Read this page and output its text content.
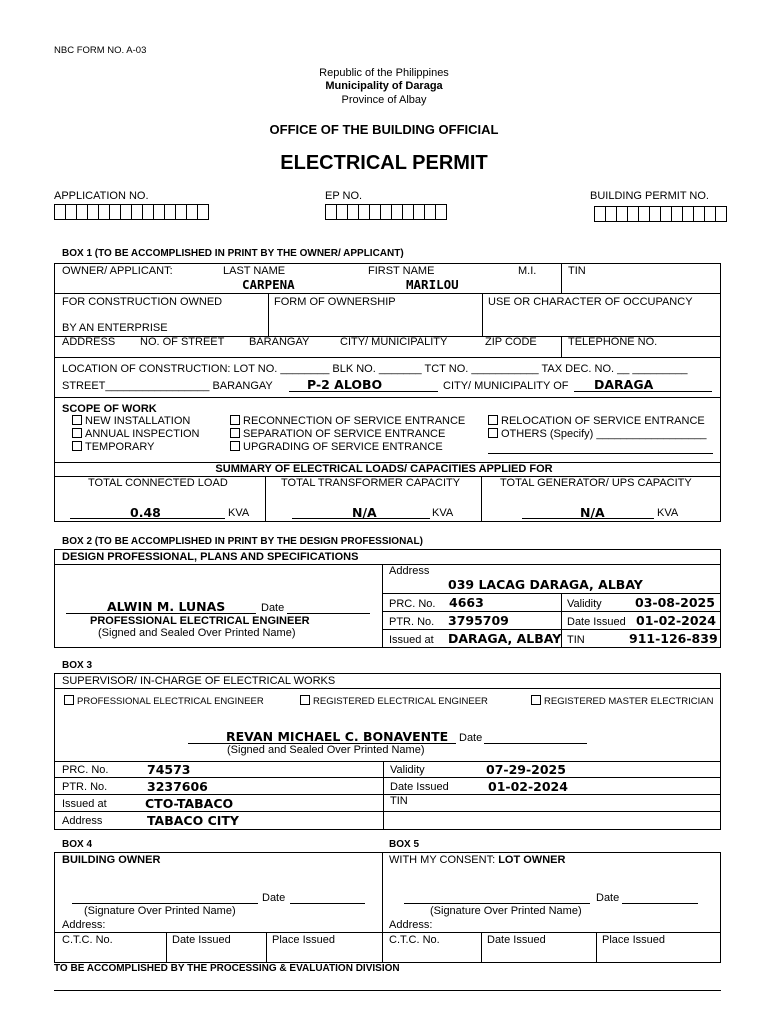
NBC FORM NO. A-03
Republic of the Philippines
Municipality of Daraga
Province of Albay
OFFICE OF THE BUILDING OFFICIAL
ELECTRICAL PERMIT
APPLICATION NO.	EP NO.	BUILDING PERMIT NO.
BOX 1 (TO BE ACCOMPLISHED IN PRINT BY THE OWNER/ APPLICANT)
OWNER/ APPLICANT:	LAST NAME	FIRST NAME	M.I.	TIN
CARPENA	MARILOU
FOR CONSTRUCTION OWNED
BY AN ENTERPRISE
FORM OF OWNERSHIP	USE OR CHARACTER OF OCCUPANCY
ADDRESS NO. OF STREET BARANGAY	CITY/ MUNICIPALITY	ZIP CODE	TELEPHONE NO.
LOCATION OF CONSTRUCTION: LOT NO. ________ BLK NO. _______ TCT NO. ___________ TAX DEC. NO. __ _________
STREET_________________ BARANGAY	P-2 ALOBO	CITY/ MUNICIPALITY OF DARAGA
SCOPE OF WORK
NEW INSTALLATION
ANNUAL INSPECTION
TEMPORARY
RECONNECTION OF SERVICE ENTRANCE
SEPARATION OF SERVICE ENTRANCE
UPGRADING OF SERVICE ENTRANCE
RELOCATION OF SERVICE ENTRANCE
OTHERS (Specify) __________________
SUMMARY OF ELECTRICAL LOADS/ CAPACITIES APPLIED FOR
TOTAL CONNECTED LOAD	TOTAL TRANSFORMER CAPACITY	TOTAL GENERATOR/ UPS CAPACITY
0.48	KVA	N/A	KVA	N/A	KVA
BOX 2 (TO BE ACCOMPLISHED IN PRINT BY THE DESIGN PROFESSIONAL)
DESIGN PROFESSIONAL, PLANS AND SPECIFICATIONS
ALWIN M. LUNAS	Date
PROFESSIONAL ELECTRICAL ENGINEER
(Signed and Sealed Over Printed Name)
Address
039 LACAG DARAGA, ALBAY
PRC. No. 4663	Validity	03-08-2025
PTR. No. 3795709	Date Issued 01-02-2024
Issued at DARAGA, ALBAY TIN	911-126-839
BOX 3
SUPERVISOR/ IN-CHARGE OF ELECTRICAL WORKS
PROFESSIONAL ELECTRICAL ENGINEER	REGISTERED ELECTRICAL ENGINEER	REGISTERED MASTER ELECTRICIAN
REVAN MICHAEL C. BONAVENTE Date
(Signed and Sealed Over Printed Name)
PRC. No.	74573	Validity	07-29-2025
PTR. No.	3237606	Date Issued	01-02-2024
Issued at	CTO-TABACO	TIN
Address	TABACO CITY
BOX 4	BOX 5
BUILDING OWNER
Date
(Signature Over Printed Name)
Address:
C.T.C. No.	Date Issued	Place Issued
WITH MY CONSENT: LOT OWNER
Date
(Signature Over Printed Name)
Address:
C.T.C. No.	Date Issued	Place Issued
TO BE ACCOMPLISHED BY THE PROCESSING & EVALUATION DIVISION
